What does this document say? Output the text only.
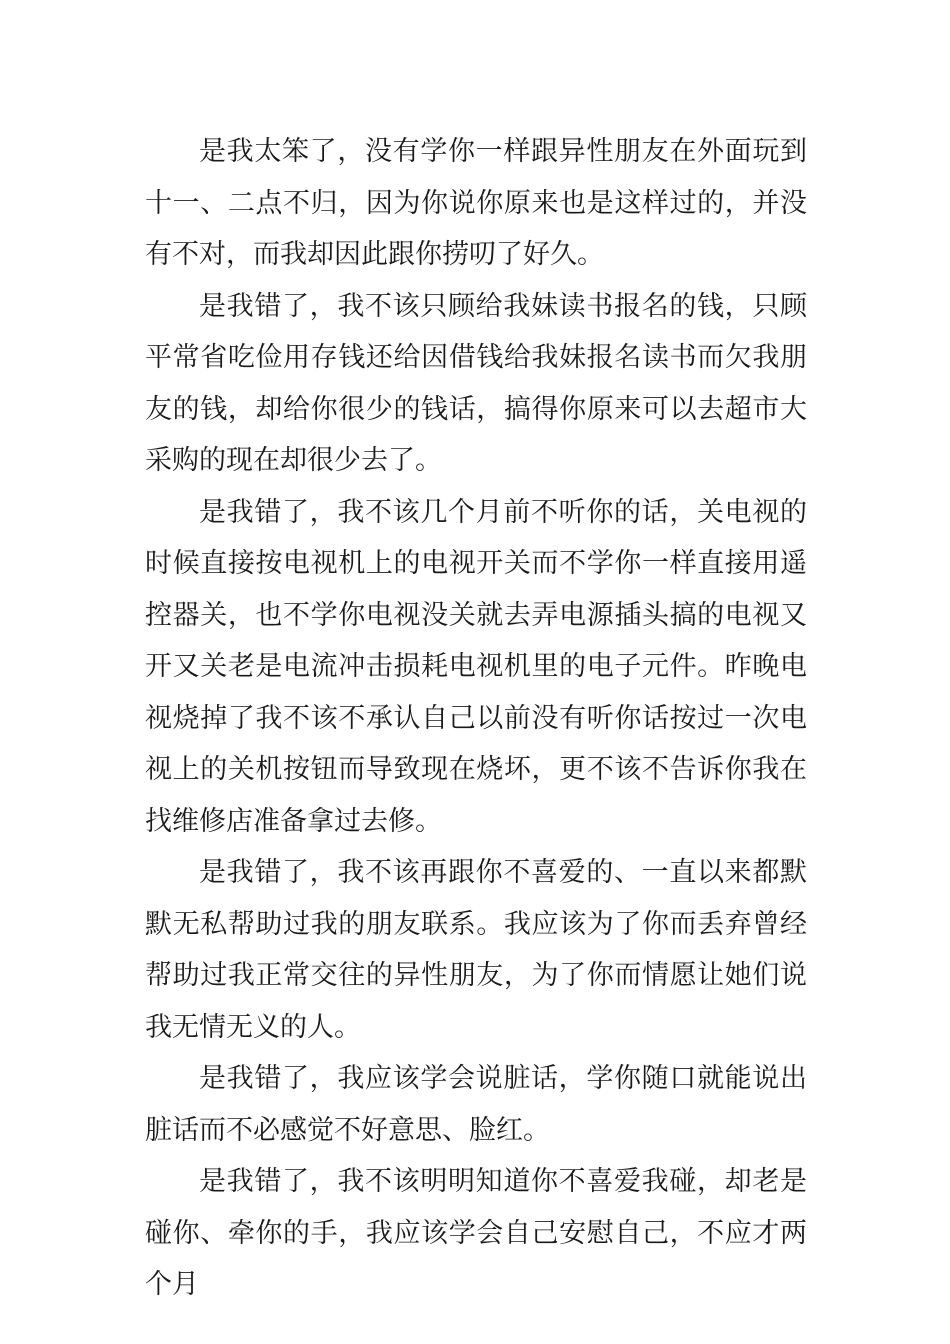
是我太笨了，没有学你一样跟异性朋友在外面玩到十一、二点不归，因为你说你原来也是这样过的，并没有不对，而我却因此跟你捞叨了好久。

是我错了，我不该只顾给我妹读书报名的钱，只顾平常省吃俭用存钱还给因借钱给我妹报名读书而欠我朋友的钱，却给你很少的钱话，搞得你原来可以去超市大采购的现在却很少去了。

是我错了，我不该几个月前不听你的话，关电视的时候直接按电视机上的电视开关而不学你一样直接用遥控器关，也不学你电视没关就去弄电源插头搞的电视又开又关老是电流冲击损耗电视机里的电子元件。昨晚电视烧掉了我不该不承认自己以前没有听你话按过一次电视上的关机按钮而导致现在烧坏，更不该不告诉你我在找维修店准备拿过去修。

是我错了，我不该再跟你不喜爱的、一直以来都默默无私帮助过我的朋友联系。我应该为了你而丢弃曾经帮助过我正常交往的异性朋友，为了你而情愿让她们说我无情无义的人。

是我错了，我应该学会说脏话，学你随口就能说出脏话而不必感觉不好意思、脸红。

是我错了，我不该明明知道你不喜爱我碰，却老是碰你、牵你的手，我应该学会自己安慰自己，不应才两个月
